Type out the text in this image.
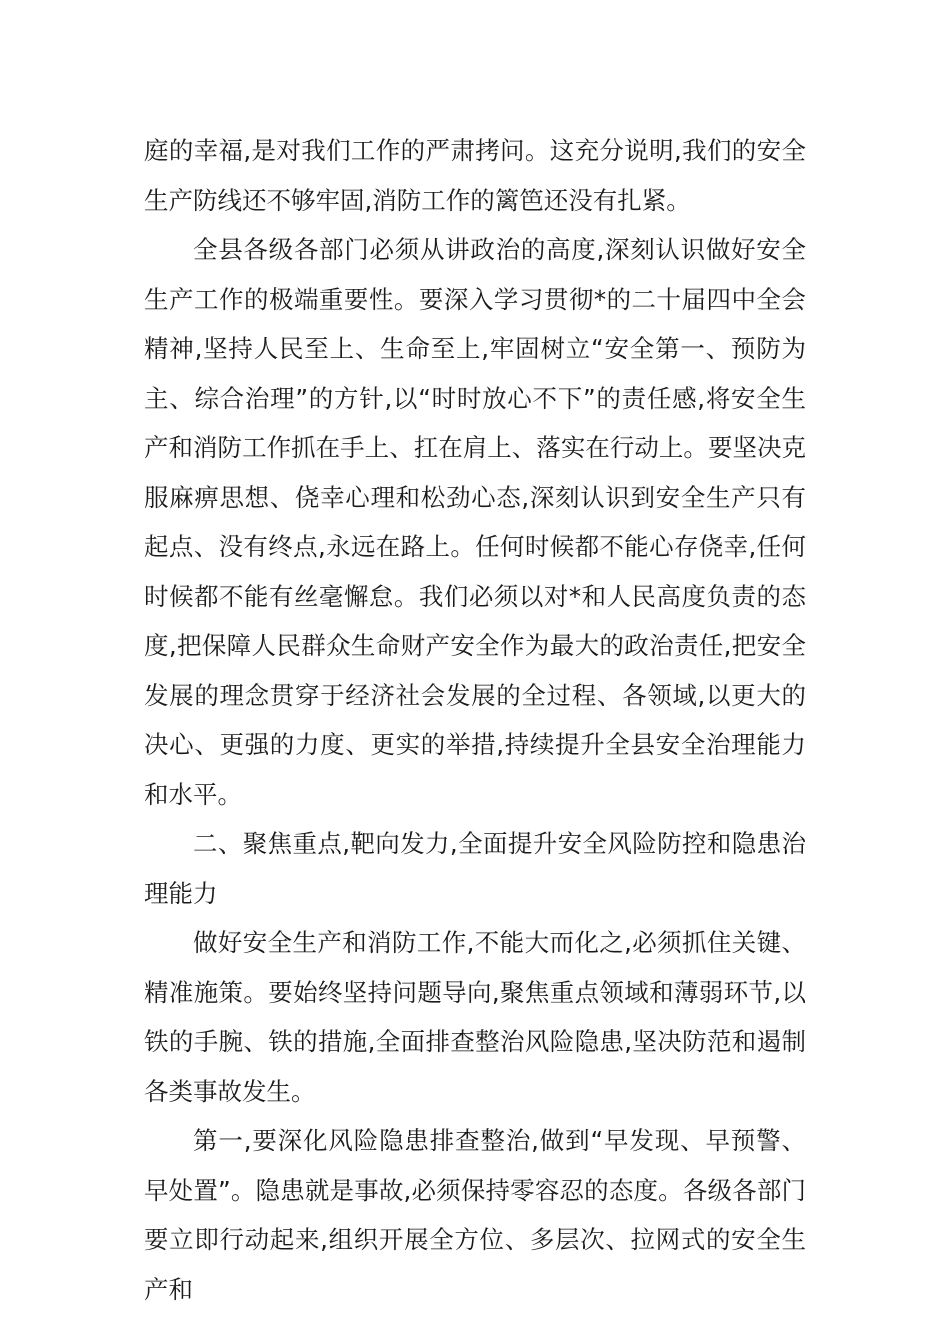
庭的幸福,是对我们工作的严肃拷问。这充分说明,我们的安全生产防线还不够牢固,消防工作的篱笆还没有扎紧。

全县各级各部门必须从讲政治的高度,深刻认识做好安全生产工作的极端重要性。要深入学习贯彻*的二十届四中全会精神,坚持人民至上、生命至上,牢固树立“安全第一、预防为主、综合治理”的方针,以“时时放心不下”的责任感,将安全生产和消防工作抓在手上、扛在肩上、落实在行动上。要坚决克服麻痹思想、侥幸心理和松劲心态,深刻认识到安全生产只有起点、没有终点,永远在路上。任何时候都不能心存侥幸,任何时候都不能有丝毫懈怠。我们必须以对*和人民高度负责的态度,把保障人民群众生命财产安全作为最大的政治责任,把安全发展的理念贯穿于经济社会发展的全过程、各领域,以更大的决心、更强的力度、更实的举措,持续提升全县安全治理能力和水平。

二、聚焦重点,靶向发力,全面提升安全风险防控和隐患治理能力

做好安全生产和消防工作,不能大而化之,必须抓住关键、精准施策。要始终坚持问题导向,聚焦重点领域和薄弱环节,以铁的手腕、铁的措施,全面排查整治风险隐患,坚决防范和遏制各类事故发生。

第一,要深化风险隐患排查整治,做到“早发现、早预警、早处置”。隐患就是事故,必须保持零容忍的态度。各级各部门要立即行动起来,组织开展全方位、多层次、拉网式的安全生产和
